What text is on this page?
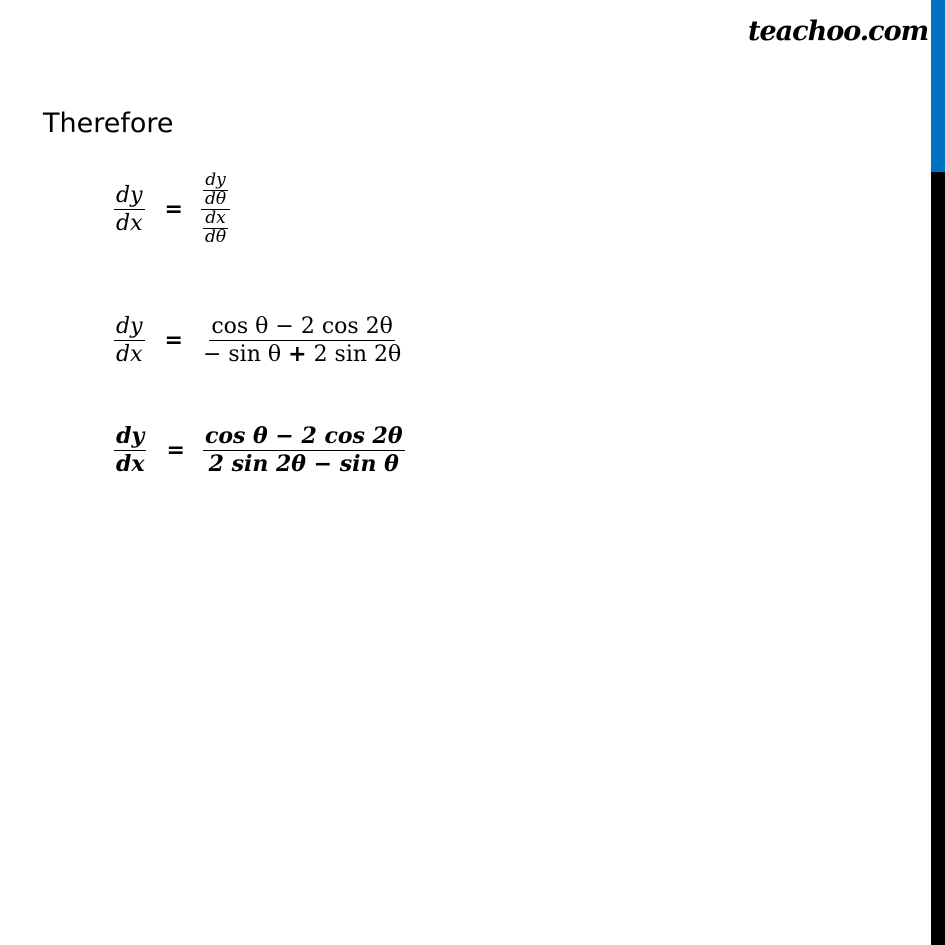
teachoo.com
Therefore
$\frac{dy}{dx} = \frac{\frac{dy}{d\theta}}{\frac{dx}{d\theta}}$
$\frac{dy}{dx} = \frac{\text{cos θ − 2 cos 2θ}}{\text{− sin θ + 2 sin 2θ}}$
$\frac{dy}{dx} = \frac{\text{cos θ − 2 cos 2θ}}{\text{2 sin 2θ − sin θ}}$
